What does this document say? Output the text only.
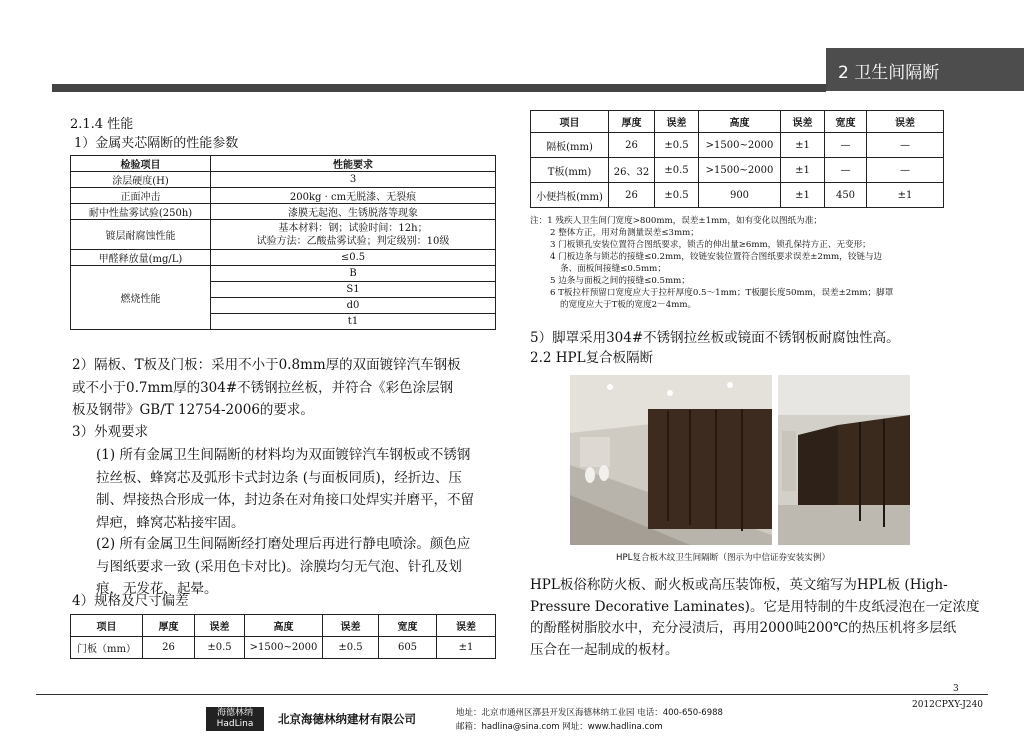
2 卫生间隔断
2.1.4 性能
1）金属夹芯隔断的性能参数
检验项目	性能要求
涂层硬度(H)	3
正面冲击	200kg · cm无脱漆、无裂痕
耐中性盐雾试验(250h)	漆膜无起泡、生锈脱落等现象
镀层耐腐蚀性能	基本材料：钢；试验时间：12h；
试验方法：乙酸盐雾试验；判定级别：10级
甲醛释放量(mg/L)	≤0.5
燃烧性能	B
	S1
	d0
	t1
2）隔板、T板及门板：采用不小于0.8mm厚的双面镀锌汽车钢板
或不小于0.7mm厚的304#不锈钢拉丝板，并符合《彩色涂层钢
板及钢带》GB/T 12754-2006的要求。
3）外观要求
(1) 所有金属卫生间隔断的材料均为双面镀锌汽车钢板或不锈钢
拉丝板、蜂窝芯及弧形卡式封边条 (与面板同质)，经折边、压
制、焊接热合形成一体，封边条在对角接口处焊实并磨平，不留
焊疤，蜂窝芯粘接牢固。
(2) 所有金属卫生间隔断经打磨处理后再进行静电喷涂。颜色应
与图纸要求一致 (采用色卡对比)。涂膜均匀无气泡、针孔及划
痕，无发花、起晕。
4）规格及尺寸偏差
项目	厚度	误差	高度	误差	宽度	误差
门板（mm）	26	±0.5	>1500~2000	±0.5	605	±1
项目	厚度	误差	高度	误差	宽度	误差
隔板(mm)	26	±0.5	>1500~2000	±1	—	—
T板(mm)	26、32	±0.5	>1500~2000	±1	—	—
小便挡板(mm)	26	±0.5	900	±1	450	±1
注：1 残疾人卫生间门宽度>800mm，误差±1mm，如有变化以图纸为准；
2 整体方正，用对角测量误差≤3mm；
3 门板锁孔安装位置符合图纸要求，锁舌的伸出量≥6mm，锁孔保持方正、无变形；
4 门板边条与锁芯的接缝≤0.2mm，铰链安装位置符合图纸要求误差±2mm，铰链与边
条、面板间接缝≤0.5mm；
5 边条与面板之间的接缝≤0.5mm；
6 T板拉杆预留口宽度应大于拉杆厚度0.5～1mm；T板腿长度50mm，误差±2mm；脚罩
的宽度应大于T板的宽度2－4mm。
5）脚罩采用304#不锈钢拉丝板或镜面不锈钢板耐腐蚀性高。
2.2 HPL复合板隔断
HPL复合板木纹卫生间隔断（图示为中信证券安装实例）
HPL板俗称防火板、耐火板或高压装饰板，英文缩写为HPL板 (High-
Pressure Decorative Laminates)。它是用特制的牛皮纸浸泡在一定浓度
的酚醛树脂胶水中，充分浸渍后，再用2000吨200℃的热压机将多层纸
压合在一起制成的板材。
3
2012CPXY-J240
海德林纳
HadLina	北京海德林纳建材有限公司	地址：北京市通州区漷县开发区海德林纳工业园 电话：400-650-6988
邮箱：hadlina@sina.com 网址：www.hadlina.com
